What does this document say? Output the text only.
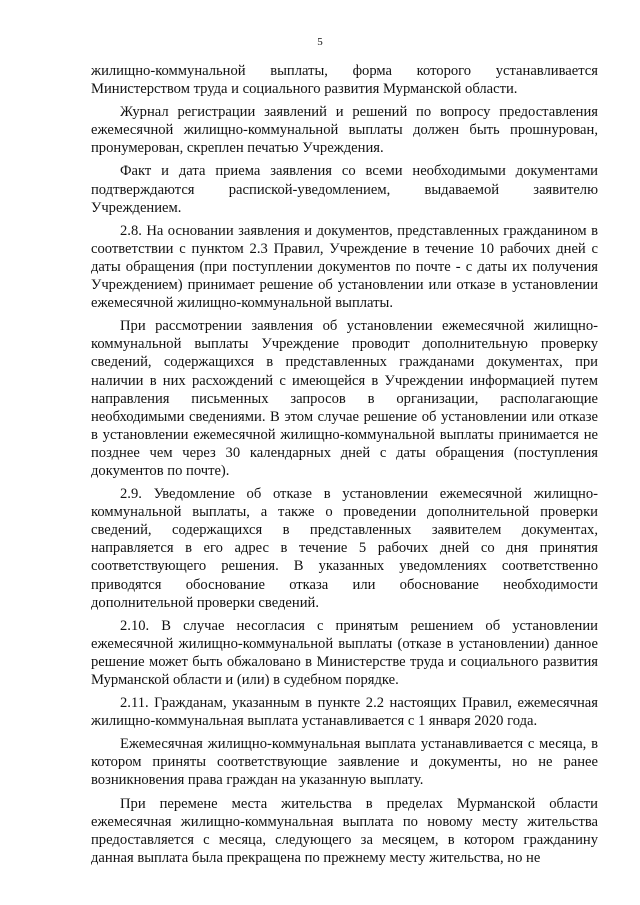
5

жилищно-коммунальной выплаты, форма которого устанавливается Министерством труда и социального развития Мурманской области.

Журнал регистрации заявлений и решений по вопросу предоставления ежемесячной жилищно-коммунальной выплаты должен быть прошнурован, пронумерован, скреплен печатью Учреждения.

Факт и дата приема заявления со всеми необходимыми документами подтверждаются распиской-уведомлением, выдаваемой заявителю Учреждением.

2.8. На основании заявления и документов, представленных гражданином в соответствии с пунктом 2.3 Правил, Учреждение в течение 10 рабочих дней с даты обращения (при поступлении документов по почте - с даты их получения Учреждением) принимает решение об установлении или отказе в установлении ежемесячной жилищно-коммунальной выплаты.

При рассмотрении заявления об установлении ежемесячной жилищно-коммунальной выплаты Учреждение проводит дополнительную проверку сведений, содержащихся в представленных гражданами документах, при наличии в них расхождений с имеющейся в Учреждении информацией путем направления письменных запросов в организации, располагающие необходимыми сведениями. В этом случае решение об установлении или отказе в установлении ежемесячной жилищно-коммунальной выплаты принимается не позднее чем через 30 календарных дней с даты обращения (поступления документов по почте).

2.9. Уведомление об отказе в установлении ежемесячной жилищно-коммунальной выплаты, а также о проведении дополнительной проверки сведений, содержащихся в представленных заявителем документах, направляется в его адрес в течение 5 рабочих дней со дня принятия соответствующего решения. В указанных уведомлениях соответственно приводятся обоснование отказа или обоснование необходимости дополнительной проверки сведений.

2.10. В случае несогласия с принятым решением об установлении ежемесячной жилищно-коммунальной выплаты (отказе в установлении) данное решение может быть обжаловано в Министерстве труда и социального развития Мурманской области и (или) в судебном порядке.

2.11. Гражданам, указанным в пункте 2.2 настоящих Правил, ежемесячная жилищно-коммунальная выплата устанавливается с 1 января 2020 года.

Ежемесячная жилищно-коммунальная выплата устанавливается с месяца, в котором приняты соответствующие заявление и документы, но не ранее возникновения права граждан на указанную выплату.

При перемене места жительства в пределах Мурманской области ежемесячная жилищно-коммунальная выплата по новому месту жительства предоставляется с месяца, следующего за месяцем, в котором гражданину данная выплата была прекращена по прежнему месту жительства, но не
